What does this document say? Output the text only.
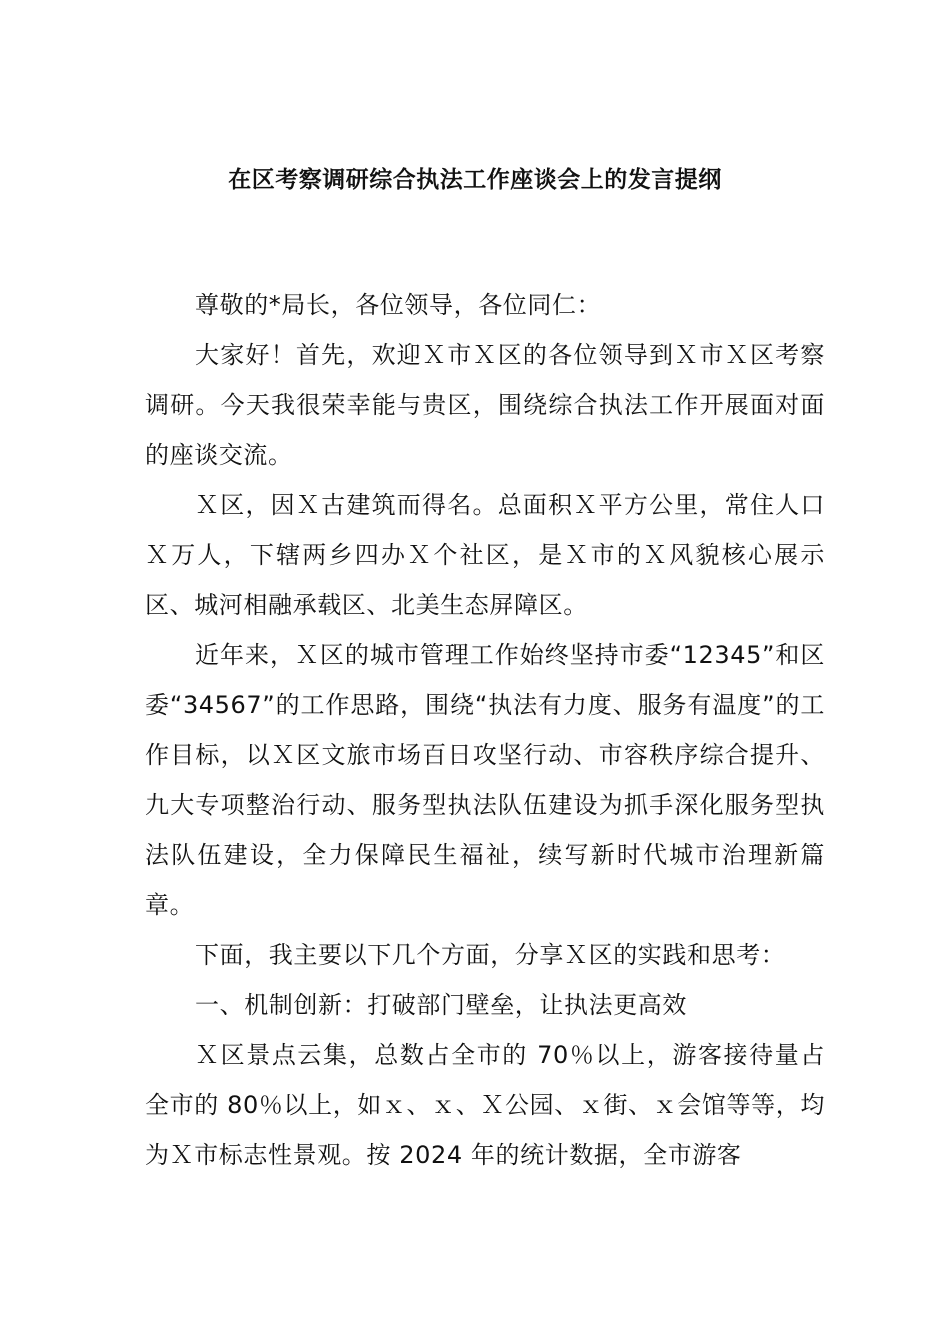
在区考察调研综合执法工作座谈会上的发言提纲

尊敬的*局长，各位领导，各位同仁：

大家好！首先，欢迎Ｘ市Ｘ区的各位领导到Ｘ市Ｘ区考察调研。今天我很荣幸能与贵区，围绕综合执法工作开展面对面的座谈交流。

Ｘ区，因Ｘ古建筑而得名。总面积Ｘ平方公里，常住人口Ｘ万人，下辖两乡四办Ｘ个社区，是Ｘ市的Ｘ风貌核心展示区、城河相融承载区、北美生态屏障区。

近年来，Ｘ区的城市管理工作始终坚持市委“12345”和区委“34567”的工作思路，围绕“执法有力度、服务有温度”的工作目标，以Ｘ区文旅市场百日攻坚行动、市容秩序综合提升、九大专项整治行动、服务型执法队伍建设为抓手深化服务型执法队伍建设，全力保障民生福祉，续写新时代城市治理新篇章。

下面，我主要以下几个方面，分享Ｘ区的实践和思考：

一、机制创新：打破部门壁垒，让执法更高效

Ｘ区景点云集，总数占全市的 70％以上，游客接待量占全市的 80％以上，如ｘ、ｘ、Ｘ公园、ｘ街、ｘ会馆等等，均为Ｘ市标志性景观。按 2024 年的统计数据，全市游客
